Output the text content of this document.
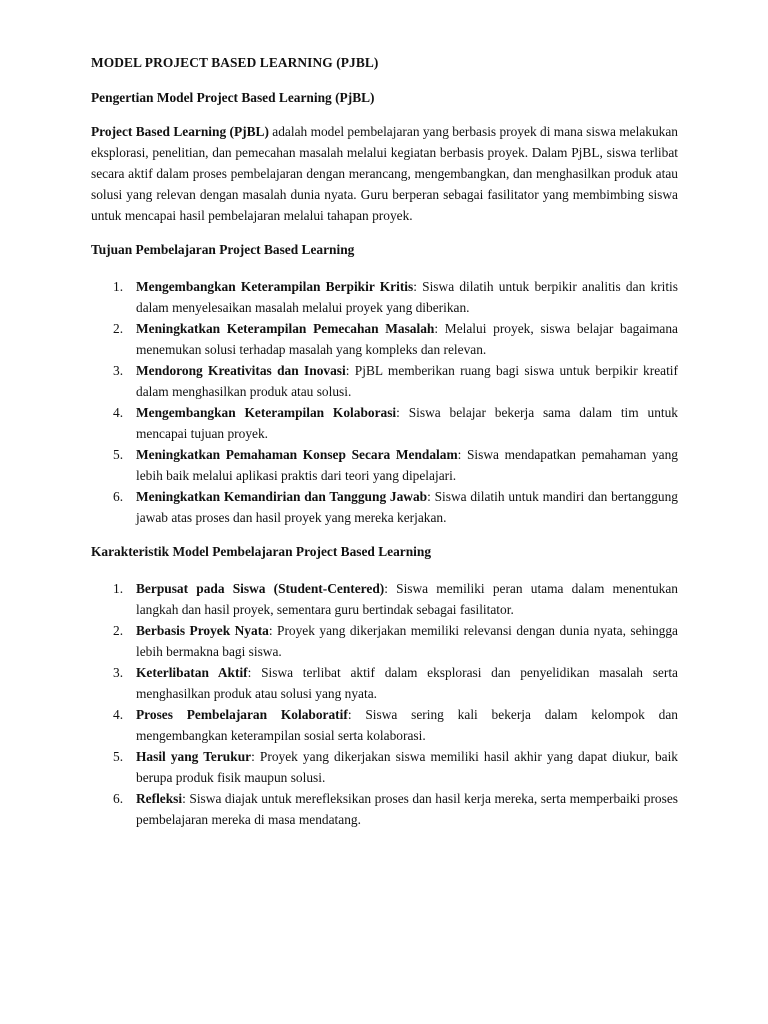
MODEL PROJECT BASED LEARNING (PJBL)
Pengertian Model Project Based Learning (PjBL)

Project Based Learning (PjBL) adalah model pembelajaran yang berbasis proyek di mana siswa melakukan eksplorasi, penelitian, dan pemecahan masalah melalui kegiatan berbasis proyek. Dalam PjBL, siswa terlibat secara aktif dalam proses pembelajaran dengan merancang, mengembangkan, dan menghasilkan produk atau solusi yang relevan dengan masalah dunia nyata. Guru berperan sebagai fasilitator yang membimbing siswa untuk mencapai hasil pembelajaran melalui tahapan proyek.

Tujuan Pembelajaran Project Based Learning
1. Mengembangkan Keterampilan Berpikir Kritis: Siswa dilatih untuk berpikir analitis dan kritis dalam menyelesaikan masalah melalui proyek yang diberikan.
2. Meningkatkan Keterampilan Pemecahan Masalah: Melalui proyek, siswa belajar bagaimana menemukan solusi terhadap masalah yang kompleks dan relevan.
3. Mendorong Kreativitas dan Inovasi: PjBL memberikan ruang bagi siswa untuk berpikir kreatif dalam menghasilkan produk atau solusi.
4. Mengembangkan Keterampilan Kolaborasi: Siswa belajar bekerja sama dalam tim untuk mencapai tujuan proyek.
5. Meningkatkan Pemahaman Konsep Secara Mendalam: Siswa mendapatkan pemahaman yang lebih baik melalui aplikasi praktis dari teori yang dipelajari.
6. Meningkatkan Kemandirian dan Tanggung Jawab: Siswa dilatih untuk mandiri dan bertanggung jawab atas proses dan hasil proyek yang mereka kerjakan.
Karakteristik Model Pembelajaran Project Based Learning
1. Berpusat pada Siswa (Student-Centered): Siswa memiliki peran utama dalam menentukan langkah dan hasil proyek, sementara guru bertindak sebagai fasilitator.
2. Berbasis Proyek Nyata: Proyek yang dikerjakan memiliki relevansi dengan dunia nyata, sehingga lebih bermakna bagi siswa.
3. Keterlibatan Aktif: Siswa terlibat aktif dalam eksplorasi dan penyelidikan masalah serta menghasilkan produk atau solusi yang nyata.
4. Proses Pembelajaran Kolaboratif: Siswa sering kali bekerja dalam kelompok dan mengembangkan keterampilan sosial serta kolaborasi.
5. Hasil yang Terukur: Proyek yang dikerjakan siswa memiliki hasil akhir yang dapat diukur, baik berupa produk fisik maupun solusi.
6. Refleksi: Siswa diajak untuk merefleksikan proses dan hasil kerja mereka, serta memperbaiki proses pembelajaran mereka di masa mendatang.
